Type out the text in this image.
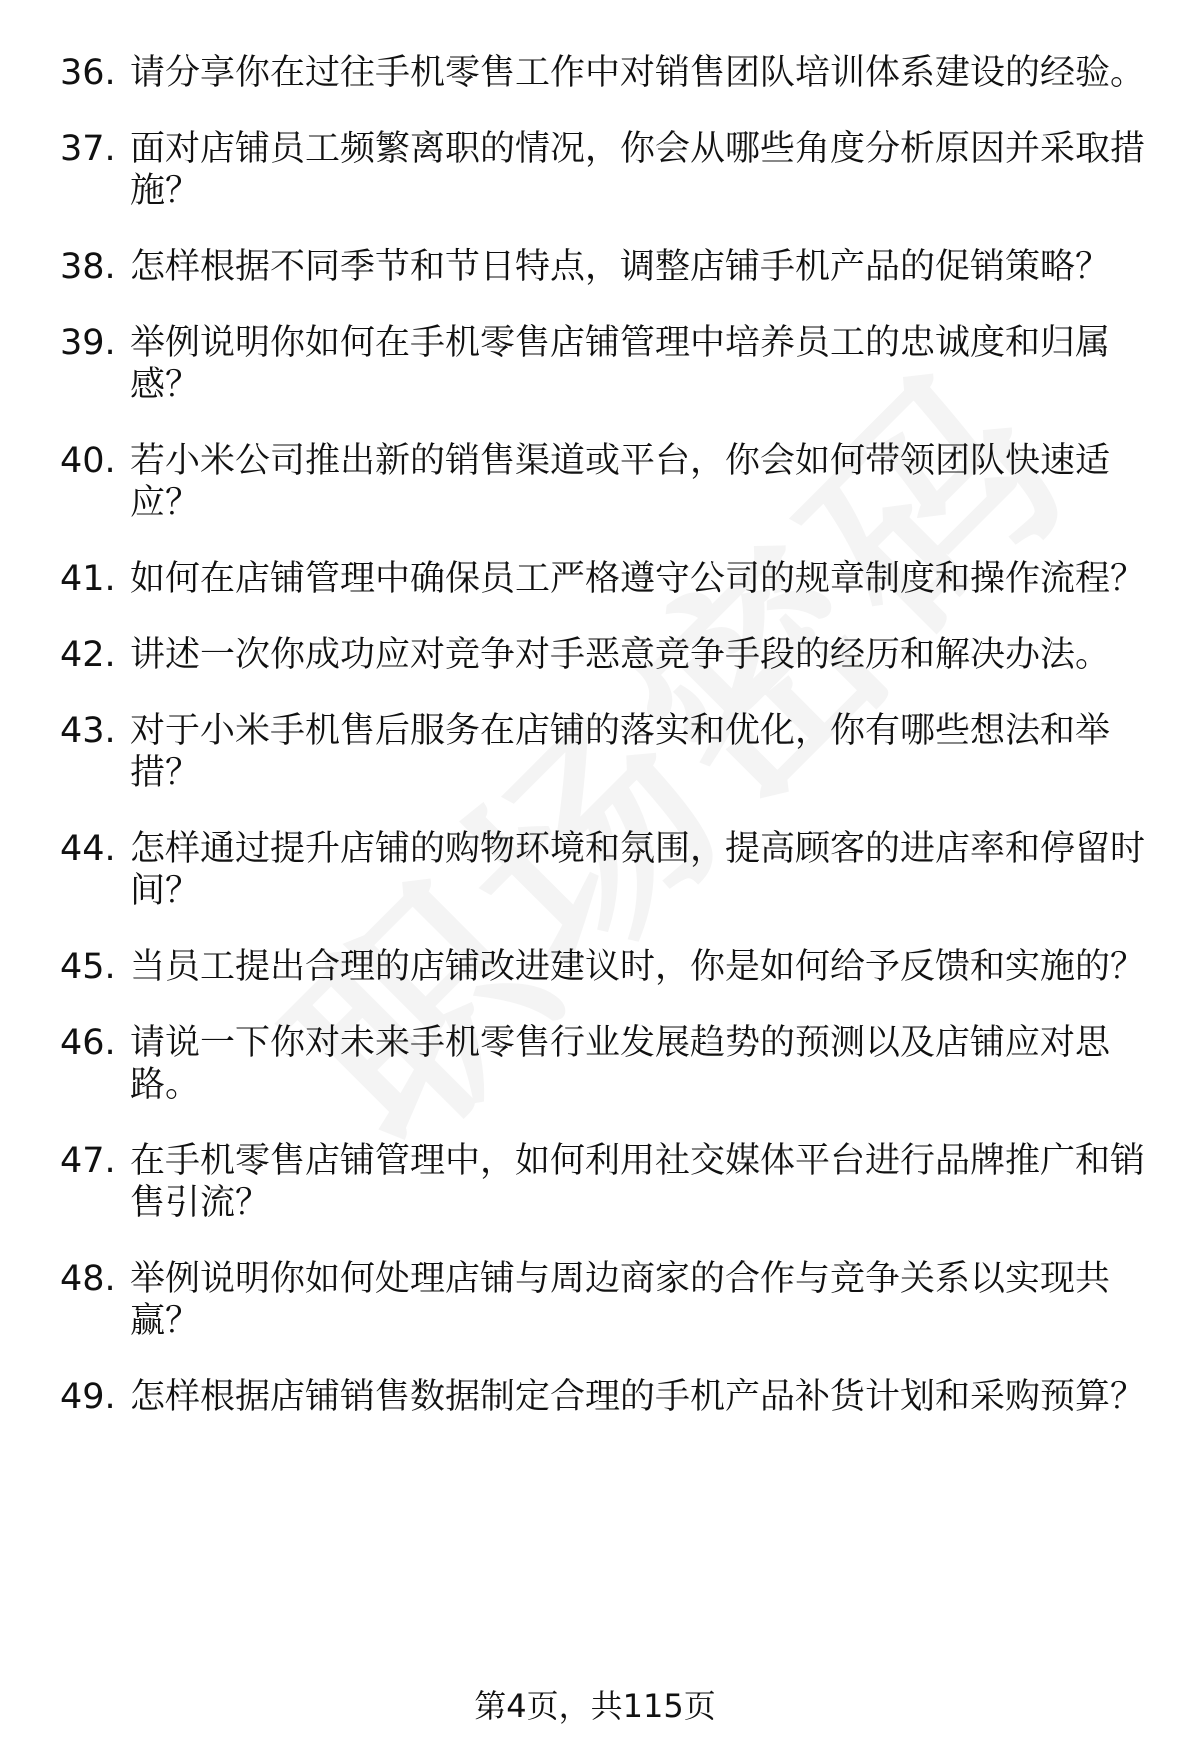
36. 请分享你在过往手机零售工作中对销售团队培训体系建设的经验。
37. 面对店铺员工频繁离职的情况，你会从哪些角度分析原因并采取措施？
38. 怎样根据不同季节和节日特点，调整店铺手机产品的促销策略？
39. 举例说明你如何在手机零售店铺管理中培养员工的忠诚度和归属感？
40. 若小米公司推出新的销售渠道或平台，你会如何带领团队快速适应？
41. 如何在店铺管理中确保员工严格遵守公司的规章制度和操作流程？
42. 讲述一次你成功应对竞争对手恶意竞争手段的经历和解决办法。
43. 对于小米手机售后服务在店铺的落实和优化，你有哪些想法和举措？
44. 怎样通过提升店铺的购物环境和氛围，提高顾客的进店率和停留时间？
45. 当员工提出合理的店铺改进建议时，你是如何给予反馈和实施的？
46. 请说一下你对未来手机零售行业发展趋势的预测以及店铺应对思路。
47. 在手机零售店铺管理中，如何利用社交媒体平台进行品牌推广和销售引流？
48. 举例说明你如何处理店铺与周边商家的合作与竞争关系以实现共赢？
49. 怎样根据店铺销售数据制定合理的手机产品补货计划和采购预算？
第4页，共115页
